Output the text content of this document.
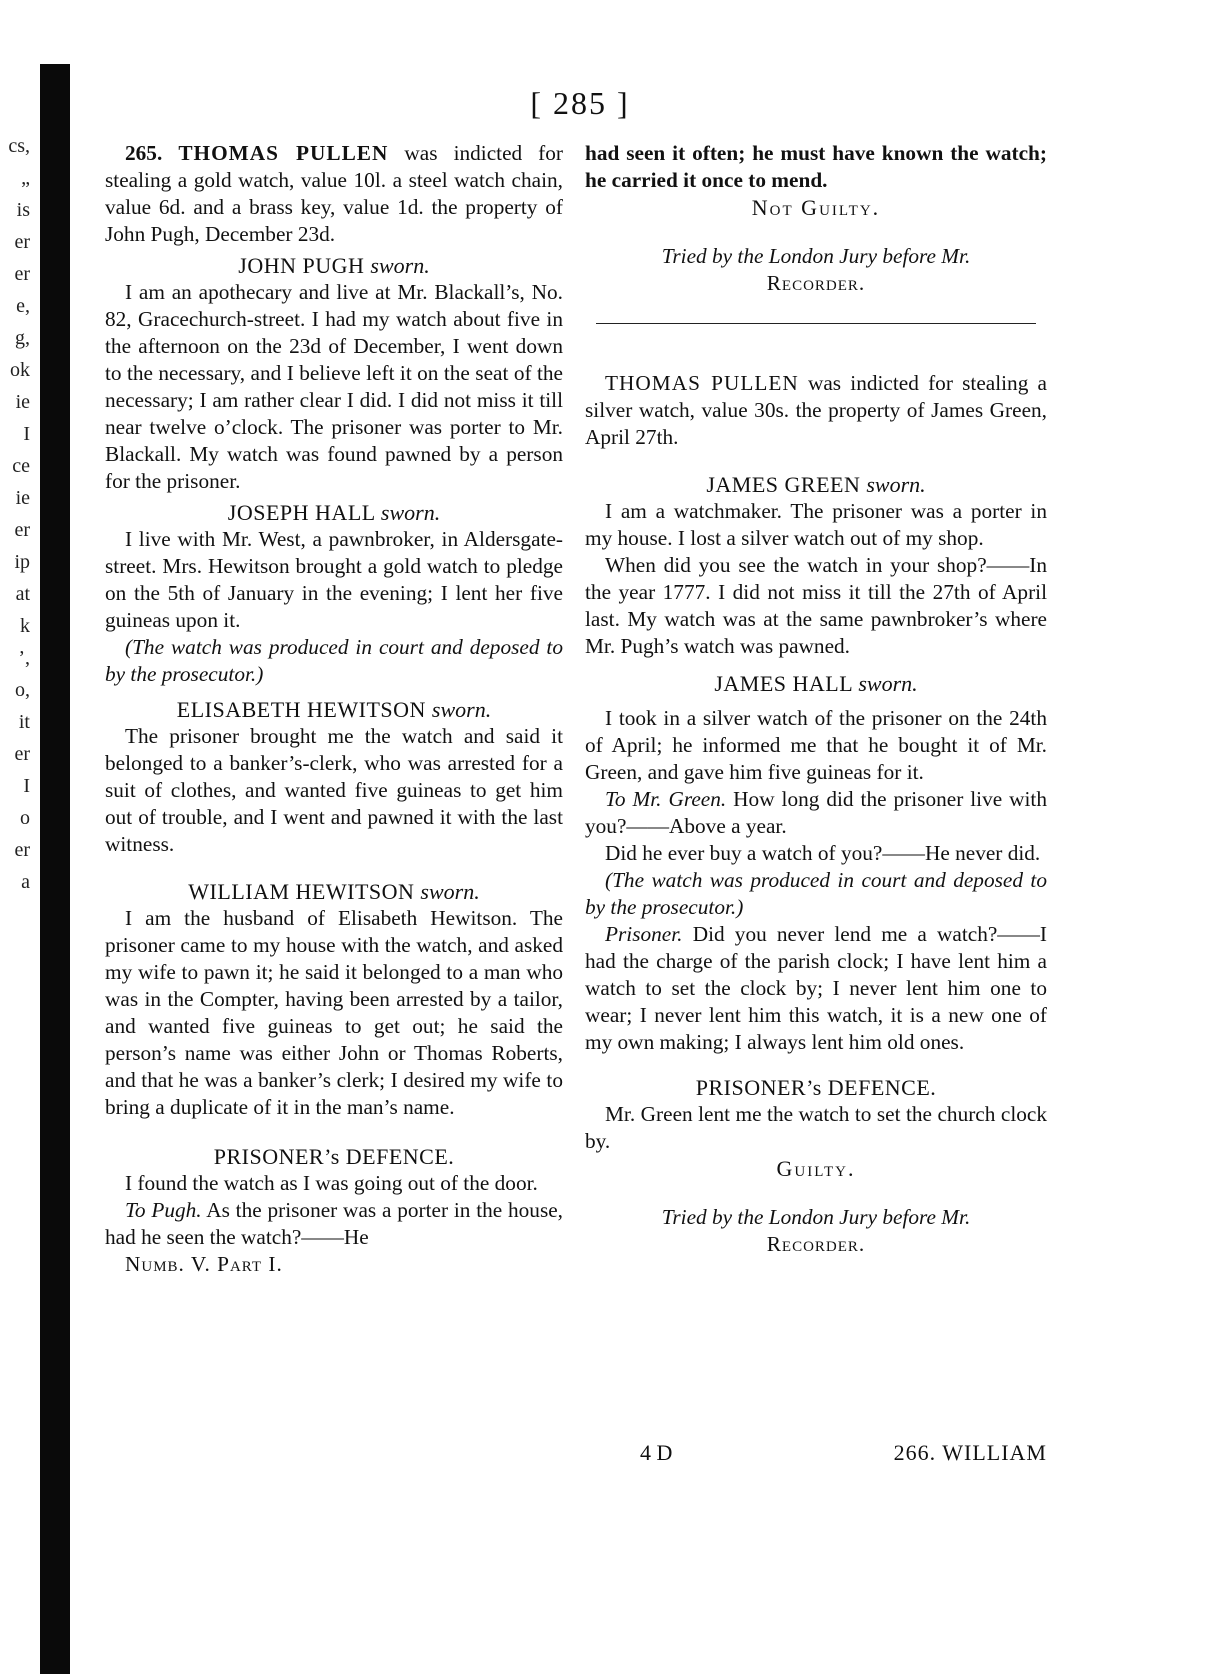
cs,
„
is
er
er
e,
g,
ok
ie
I
ce
ie
er
ip
at
k
’,
o,
it
er
I
o
er
a
[ 285 ]

265. THOMAS PULLEN was indicted for stealing a gold watch, value 10l. a steel watch chain, value 6d. and a brass key, value 1d. the property of John Pugh, December 23d.

JOHN PUGH sworn.

I am an apothecary and live at Mr. Blackall’s, No. 82, Gracechurch-street. I had my watch about five in the afternoon on the 23d of December, I went down to the necessary, and I believe left it on the seat of the necessary; I am rather clear I did. I did not miss it till near twelve o’clock. The prisoner was porter to Mr. Blackall. My watch was found pawned by a person for the prisoner.

JOSEPH HALL sworn.

I live with Mr. West, a pawnbroker, in Aldersgate-street. Mrs. Hewitson brought a gold watch to pledge on the 5th of January in the evening; I lent her five guineas upon it.

(The watch was produced in court and deposed to by the prosecutor.)

ELISABETH HEWITSON sworn.

The prisoner brought me the watch and said it belonged to a banker’s-clerk, who was arrested for a suit of clothes, and wanted five guineas to get him out of trouble, and I went and pawned it with the last witness.

WILLIAM HEWITSON sworn.

I am the husband of Elisabeth Hewitson. The prisoner came to my house with the watch, and asked my wife to pawn it; he said it belonged to a man who was in the Compter, having been arrested by a tailor, and wanted five guineas to get out; he said the person’s name was either John or Thomas Roberts, and that he was a banker’s clerk; I desired my wife to bring a duplicate of it in the man’s name.

PRISONER’s DEFENCE.

I found the watch as I was going out of the door.

To Pugh. As the prisoner was a porter in the house, had he seen the watch?——He

Numb. V. Part I.

had seen it often; he must have known the watch; he carried it once to mend.

Not Guilty.
Tried by the London Jury before Mr.
Recorder.

THOMAS PULLEN was indicted for stealing a silver watch, value 30s. the property of James Green, April 27th.

JAMES GREEN sworn.

I am a watchmaker. The prisoner was a porter in my house. I lost a silver watch out of my shop.

When did you see the watch in your shop?——In the year 1777. I did not miss it till the 27th of April last. My watch was at the same pawnbroker’s where Mr. Pugh’s watch was pawned.

JAMES HALL sworn.

I took in a silver watch of the prisoner on the 24th of April; he informed me that he bought it of Mr. Green, and gave him five guineas for it.

To Mr. Green. How long did the prisoner live with you?——Above a year.

Did he ever buy a watch of you?——He never did.

(The watch was produced in court and deposed to by the prosecutor.)

Prisoner. Did you never lend me a watch?——I had the charge of the parish clock; I have lent him a watch to set the clock by; I never lent him one to wear; I never lent him this watch, it is a new one of my own making; I always lent him old ones.

PRISONER’s DEFENCE.

Mr. Green lent me the watch to set the church clock by.

Guilty.
Tried by the London Jury before Mr.
Recorder.
4 D	266. WILLIAM
